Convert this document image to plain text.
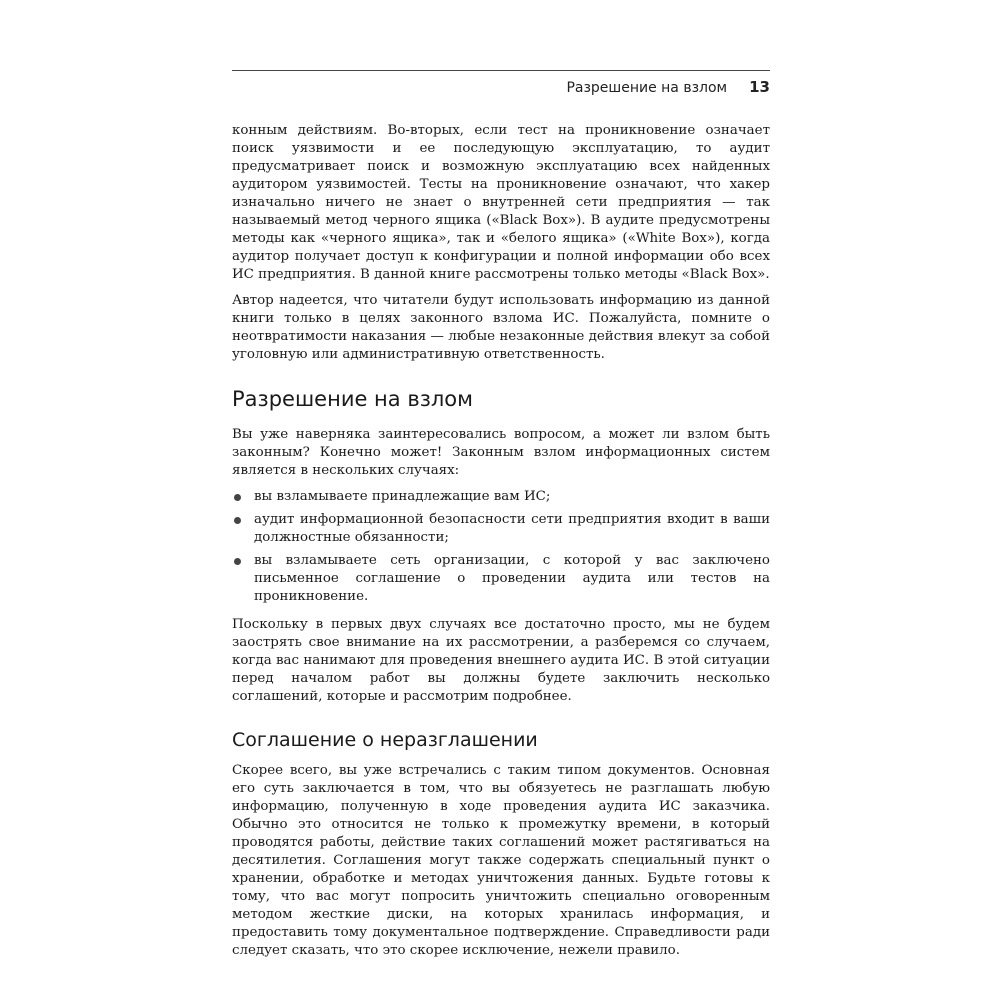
Разрешение на взлом 13

конным действиям. Во-вторых, если тест на проникновение означает поиск уязвимости и ее последующую эксплуатацию, то аудит предусматривает поиск и возможную эксплуатацию всех найденных аудитором уязвимостей. Тесты на проникновение означают, что хакер изначально ничего не знает о внутренней сети предприятия — так называемый метод черного ящика («Black Box»). В аудите предусмотрены методы как «черного ящика», так и «белого ящика» («White Box»), когда аудитор получает доступ к конфигурации и полной информации обо всех ИС предприятия. В данной книге рассмотрены только методы «Black Box».

Автор надеется, что читатели будут использовать информацию из данной книги только в целях законного взлома ИС. Пожалуйста, помните о неотвратимости наказания — любые незаконные действия влекут за собой уголовную или административную ответственность.

Разрешение на взлом

Вы уже наверняка заинтересовались вопросом, а может ли взлом быть законным? Конечно может! Законным взлом информационных систем является в нескольких случаях:

вы взламываете принадлежащие вам ИС;
аудит информационной безопасности сети предприятия входит в ваши должностные обязанности;
вы взламываете сеть организации, с которой у вас заключено письменное соглашение о проведении аудита или тестов на проникновение.

Поскольку в первых двух случаях все достаточно просто, мы не будем заострять свое внимание на их рассмотрении, а разберемся со случаем, когда вас нанимают для проведения внешнего аудита ИС. В этой ситуации перед началом работ вы должны будете заключить несколько соглашений, которые и рассмотрим подробнее.

Соглашение о неразглашении

Скорее всего, вы уже встречались с таким типом документов. Основная его суть заключается в том, что вы обязуетесь не разглашать любую информацию, полученную в ходе проведения аудита ИС заказчика. Обычно это относится не только к промежутку времени, в который проводятся работы, действие таких соглашений может растягиваться на десятилетия. Соглашения могут также содержать специальный пункт о хранении, обработке и методах уничтожения данных. Будьте готовы к тому, что вас могут попросить уничтожить специально оговоренным методом жесткие диски, на которых хранилась информация, и предоставить тому документальное подтверждение. Справедливости ради следует сказать, что это скорее исключение, нежели правило.
